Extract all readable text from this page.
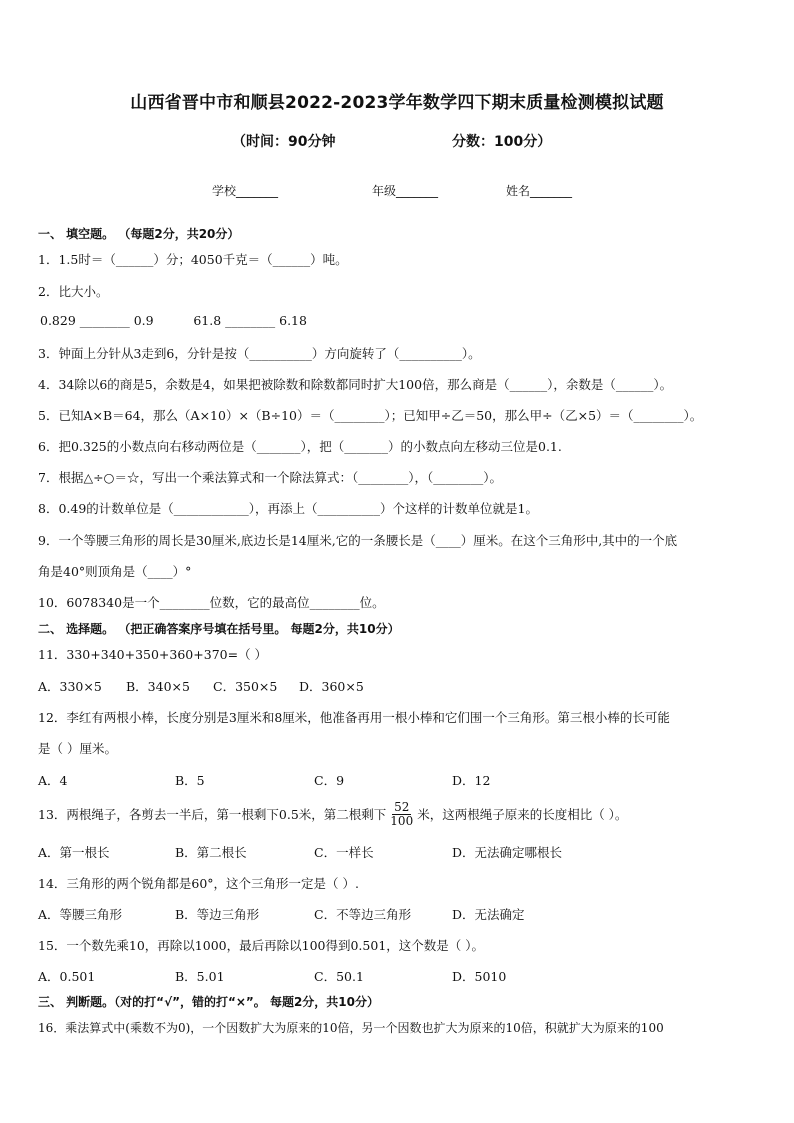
山西省晋中市和顺县2022-2023学年数学四下期末质量检测模拟试题
（时间：90分钟	分数：100分）
学校_______	年级_______	姓名_______
一、 填空题。 （每题2分，共20分）
1．1.5时＝（______）分；4050千克＝（______）吨。
2．比大小。
0.829 ________ 0.9          61.8 ________ 6.18
3．钟面上分针从3走到6，分针是按（__________）方向旋转了（__________）。
4．34除以6的商是5，余数是4，如果把被除数和除数都同时扩大100倍，那么商是（______），余数是（______）。
5．已知A×B＝64，那么（A×10）×（B÷10）＝（________）；已知甲÷乙＝50，那么甲÷（乙×5）＝（________）。
6．把0.325的小数点向右移动两位是（_______），把（_______）的小数点向左移动三位是0.1.
7．根据△÷○＝☆，写出一个乘法算式和一个除法算式：（________），（________）。
8．0.49的计数单位是（____________），再添上（__________）个这样的计数单位就是1。
9．一个等腰三角形的周长是30厘米,底边长是14厘米,它的一条腰长是（____）厘米。在这个三角形中,其中的一个底
角是40°则顶角是（____）°
10．6078340是一个________位数，它的最高位________位。
二、 选择题。 （把正确答案序号填在括号里。 每题2分，共10分）
11．330+340+350+360+370=（ ）
A．330×5 B．340×5 C．350×5 D．360×5
12．李红有两根小棒，长度分别是3厘米和8厘米，他准备再用一根小棒和它们围一个三角形。第三根小棒的长可能
是（ ）厘米。
A．4	B．5	C．9	D．12
13．两根绳子，各剪去一半后，第一根剩下0.5米，第二根剩下 $\frac{52}{100}$ 米，这两根绳子原来的长度相比（ ）。
A．第一根长	B．第二根长	C．一样长	D．无法确定哪根长
14．三角形的两个锐角都是60°，这个三角形一定是（ ）.
A．等腰三角形	B．等边三角形	C．不等边三角形	D．无法确定
15．一个数先乘10，再除以1000，最后再除以100得到0.501，这个数是（ ）。
A．0.501	B．5.01	C．50.1	D．5010
三、 判断题。（对的打“√”，错的打“×”。 每题2分，共10分）
16．乘法算式中(乘数不为0)，一个因数扩大为原来的10倍，另一个因数也扩大为原来的10倍，积就扩大为原来的100
